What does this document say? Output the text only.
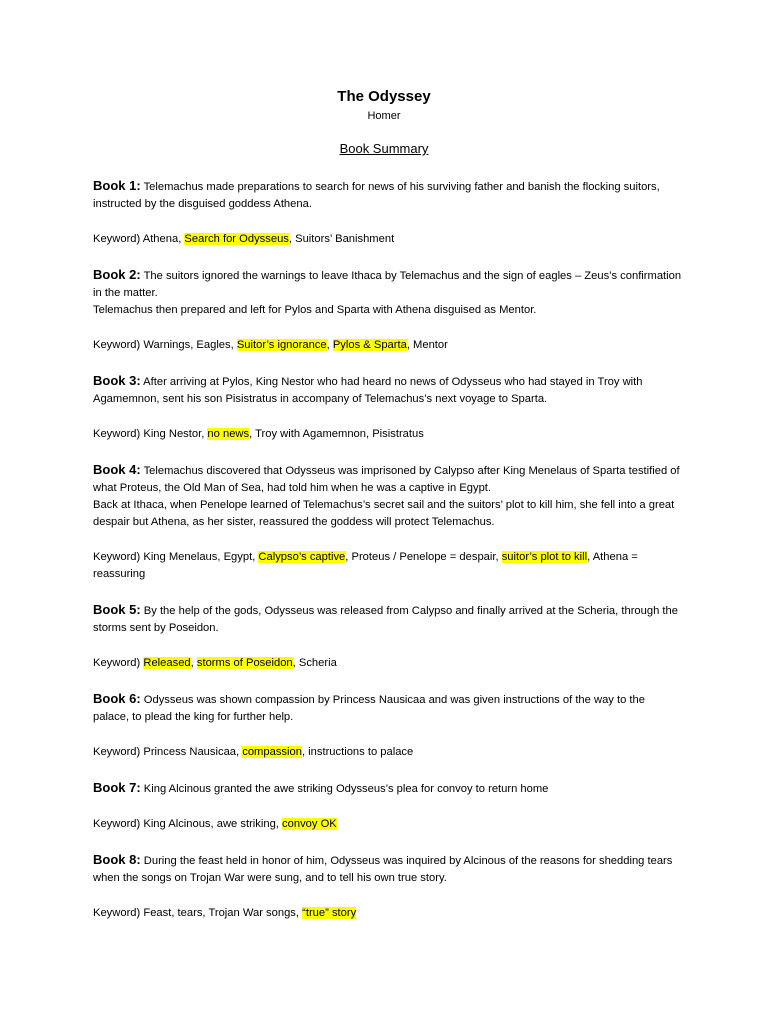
The Odyssey
Homer
Book Summary
Book 1: Telemachus made preparations to search for news of his surviving father and banish the flocking suitors, instructed by the disguised goddess Athena.
Keyword) Athena, Search for Odysseus, Suitors’ Banishment
Book 2: The suitors ignored the warnings to leave Ithaca by Telemachus and the sign of eagles – Zeus’s confirmation in the matter.
Telemachus then prepared and left for Pylos and Sparta with Athena disguised as Mentor.
Keyword) Warnings, Eagles, Suitor’s ignorance, Pylos & Sparta, Mentor
Book 3: After arriving at Pylos, King Nestor who had heard no news of Odysseus who had stayed in Troy with Agamemnon, sent his son Pisistratus in accompany of Telemachus’s next voyage to Sparta.
Keyword) King Nestor, no news, Troy with Agamemnon, Pisistratus
Book 4: Telemachus discovered that Odysseus was imprisoned by Calypso after King Menelaus of Sparta testified of what Proteus, the Old Man of Sea, had told him when he was a captive in Egypt.
Back at Ithaca, when Penelope learned of Telemachus’s secret sail and the suitors’ plot to kill him, she fell into a great despair but Athena, as her sister, reassured the goddess will protect Telemachus.
Keyword) King Menelaus, Egypt, Calypso’s captive, Proteus / Penelope = despair, suitor’s plot to kill, Athena = reassuring
Book 5: By the help of the gods, Odysseus was released from Calypso and finally arrived at the Scheria, through the storms sent by Poseidon.
Keyword) Released, storms of Poseidon, Scheria
Book 6: Odysseus was shown compassion by Princess Nausicaa and was given instructions of the way to the palace, to plead the king for further help.
Keyword) Princess Nausicaa, compassion, instructions to palace
Book 7: King Alcinous granted the awe striking Odysseus’s plea for convoy to return home
Keyword) King Alcinous, awe striking, convoy OK
Book 8: During the feast held in honor of him, Odysseus was inquired by Alcinous of the reasons for shedding tears when the songs on Trojan War were sung, and to tell his own true story.
Keyword) Feast, tears, Trojan War songs, “true” story
